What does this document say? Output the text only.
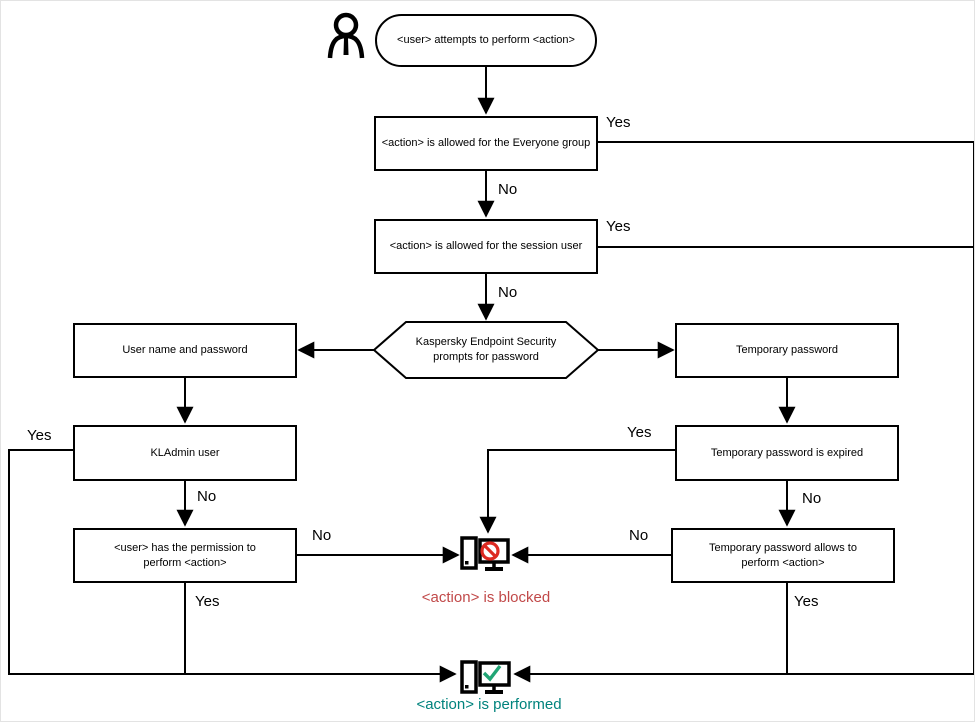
<user> attempts to perform <action>
<action> is allowed for the Everyone group
<action> is allowed for the session user
Kaspersky Endpoint Security prompts for password
User name and password	Temporary password
KLAdmin user	Temporary password is expired
<user> has the permission to perform <action>
Temporary password allows to perform <action>
Yes
No
Yes
No
Yes
No
No
Yes
Yes
No
No
Yes
<action> is blocked
<action> is performed
